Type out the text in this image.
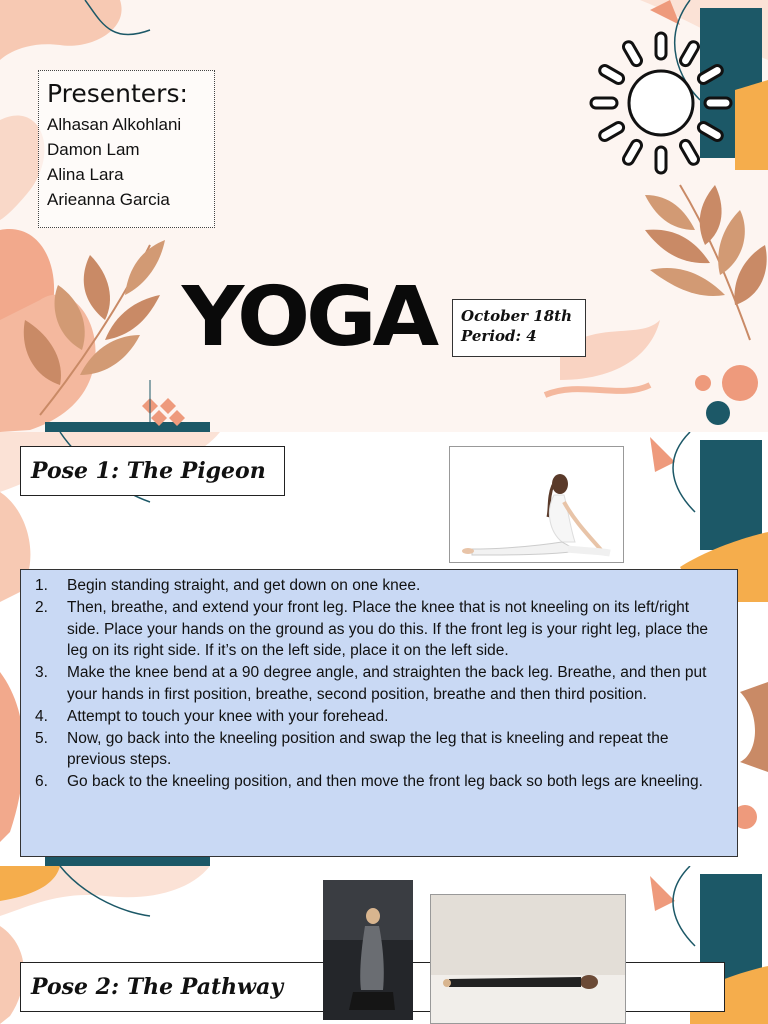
Presenters:
Alhasan Alkohlani
Damon Lam
Alina Lara
Arieanna Garcia
YOGA October 18th
Period: 4
Pose 1: The Pigeon
1.	Begin standing straight, and get down on one knee.
2.	Then, breathe, and extend your front leg. Place the knee that is not kneeling on its left/right side. Place your hands on the ground as you do this. If the front leg is your right leg, place the leg on its right side. If it’s on the left side, place it on the left side.
3.	Make the knee bend at a 90 degree angle, and straighten the back leg. Breathe, and then put your hands in first position, breathe, second position, breathe and then third position.
4.	Attempt to touch your knee with your forehead.
5.	Now, go back into the kneeling position and swap the leg that is kneeling and repeat the previous steps.
6.	Go back to the kneeling position, and then move the front leg back so both legs are kneeling.
Pose 2: The Pathway
